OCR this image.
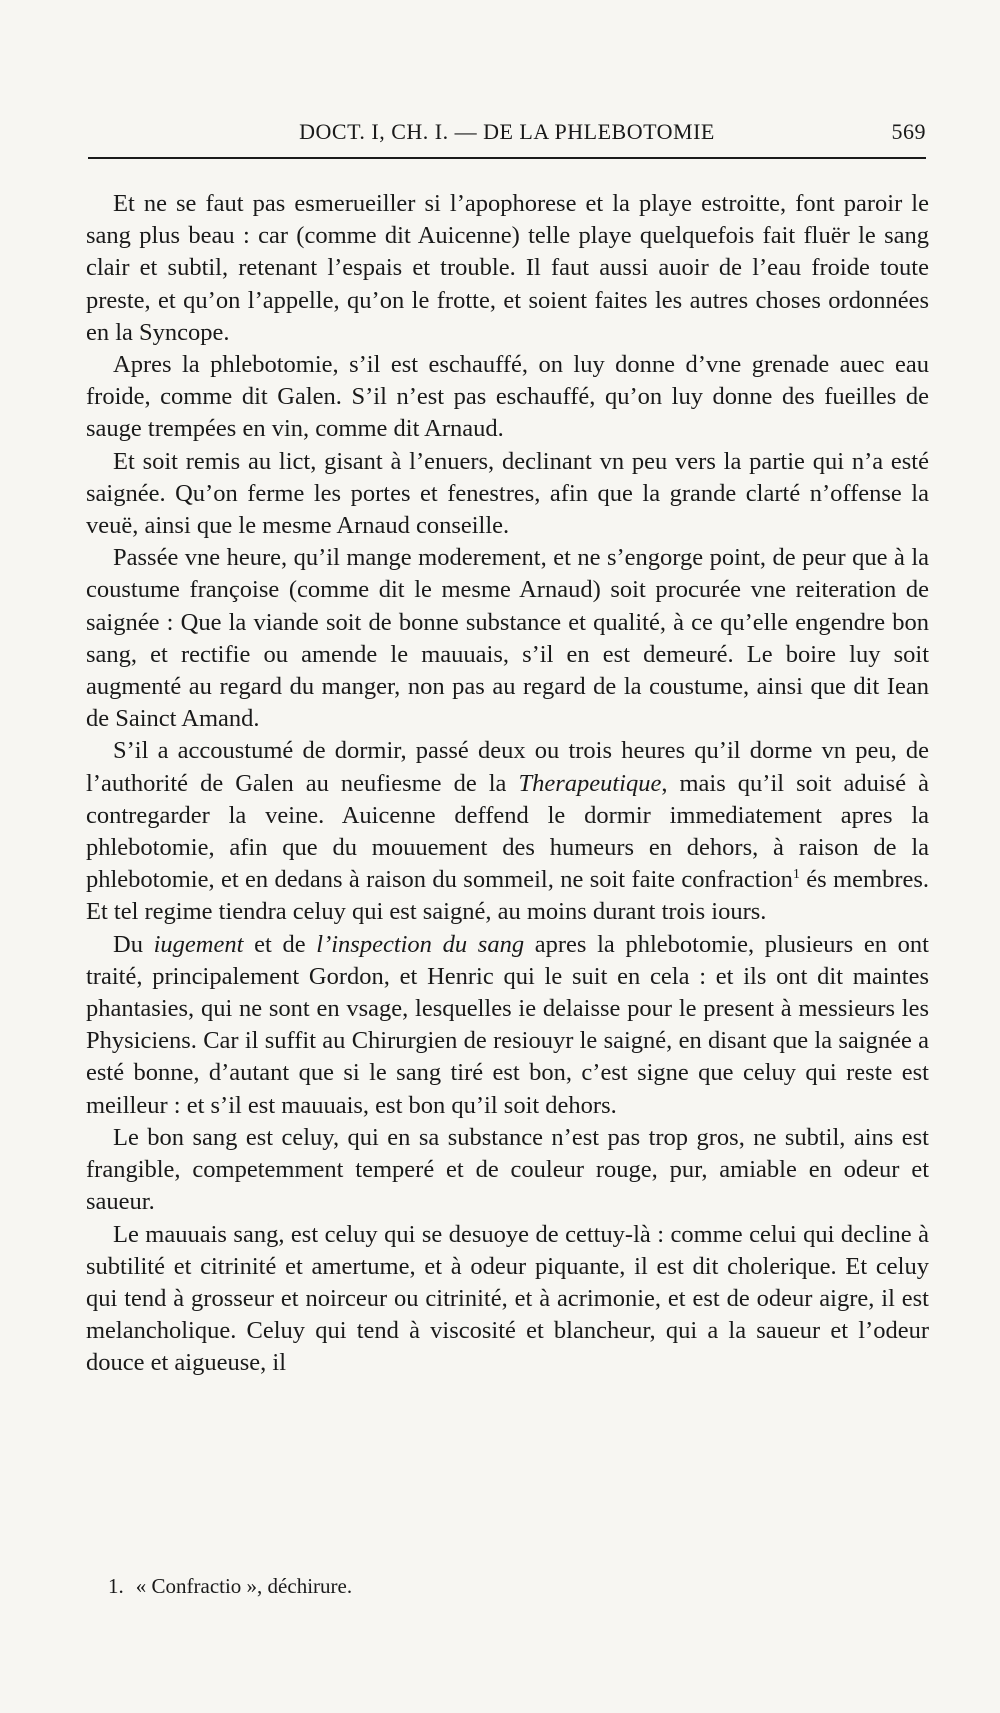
DOCT. I, CH. I. — DE LA PHLEBOTOMIE	569

Et ne se faut pas esmerueiller si l’apophorese et la playe estroitte, font paroir le sang plus beau : car (comme dit Auicenne) telle playe quelquefois fait fluër le sang clair et subtil, retenant l’espais et trouble. Il faut aussi auoir de l’eau froide toute preste, et qu’on l’appelle, qu’on le frotte, et soient faites les autres choses ordonnées en la Syncope.

Apres la phlebotomie, s’il est eschauffé, on luy donne d’vne grenade auec eau froide, comme dit Galen. S’il n’est pas eschauffé, qu’on luy donne des fueilles de sauge trempées en vin, comme dit Arnaud.

Et soit remis au lict, gisant à l’enuers, declinant vn peu vers la partie qui n’a esté saignée. Qu’on ferme les portes et fenestres, afin que la grande clarté n’offense la veuë, ainsi que le mesme Arnaud conseille.

Passée vne heure, qu’il mange moderement, et ne s’engorge point, de peur que à la coustume françoise (comme dit le mesme Arnaud) soit procurée vne reiteration de saignée : Que la viande soit de bonne substance et qualité, à ce qu’elle engendre bon sang, et rectifie ou amende le mauuais, s’il en est demeuré. Le boire luy soit augmenté au regard du manger, non pas au regard de la coustume, ainsi que dit Iean de Sainct Amand.

S’il a accoustumé de dormir, passé deux ou trois heures qu’il dorme vn peu, de l’authorité de Galen au neufiesme de la Therapeutique, mais qu’il soit aduisé à contregarder la veine. Auicenne deffend le dormir immediatement apres la phlebotomie, afin que du mouuement des humeurs en dehors, à raison de la phlebotomie, et en dedans à raison du sommeil, ne soit faite confraction$^1$ és membres. Et tel regime tiendra celuy qui est saigné, au moins durant trois iours.

Du iugement et de l’inspection du sang apres la phlebotomie, plusieurs en ont traité, principalement Gordon, et Henric qui le suit en cela : et ils ont dit maintes phantasies, qui ne sont en vsage, lesquelles ie delaisse pour le present à messieurs les Physiciens. Car il suffit au Chirurgien de resiouyr le saigné, en disant que la saignée a esté bonne, d’autant que si le sang tiré est bon, c’est signe que celuy qui reste est meilleur : et s’il est mauuais, est bon qu’il soit dehors.

Le bon sang est celuy, qui en sa substance n’est pas trop gros, ne subtil, ains est frangible, competemment temperé et de couleur rouge, pur, amiable en odeur et saueur.

Le mauuais sang, est celuy qui se desuoye de cettuy-là : comme celui qui decline à subtilité et citrinité et amertume, et à odeur piquante, il est dit cholerique. Et celuy qui tend à grosseur et noirceur ou citrinité, et à acrimonie, et est de odeur aigre, il est melancholique. Celuy qui tend à viscosité et blancheur, qui a la saueur et l’odeur douce et aigueuse, il

1. « Confractio », déchirure.
